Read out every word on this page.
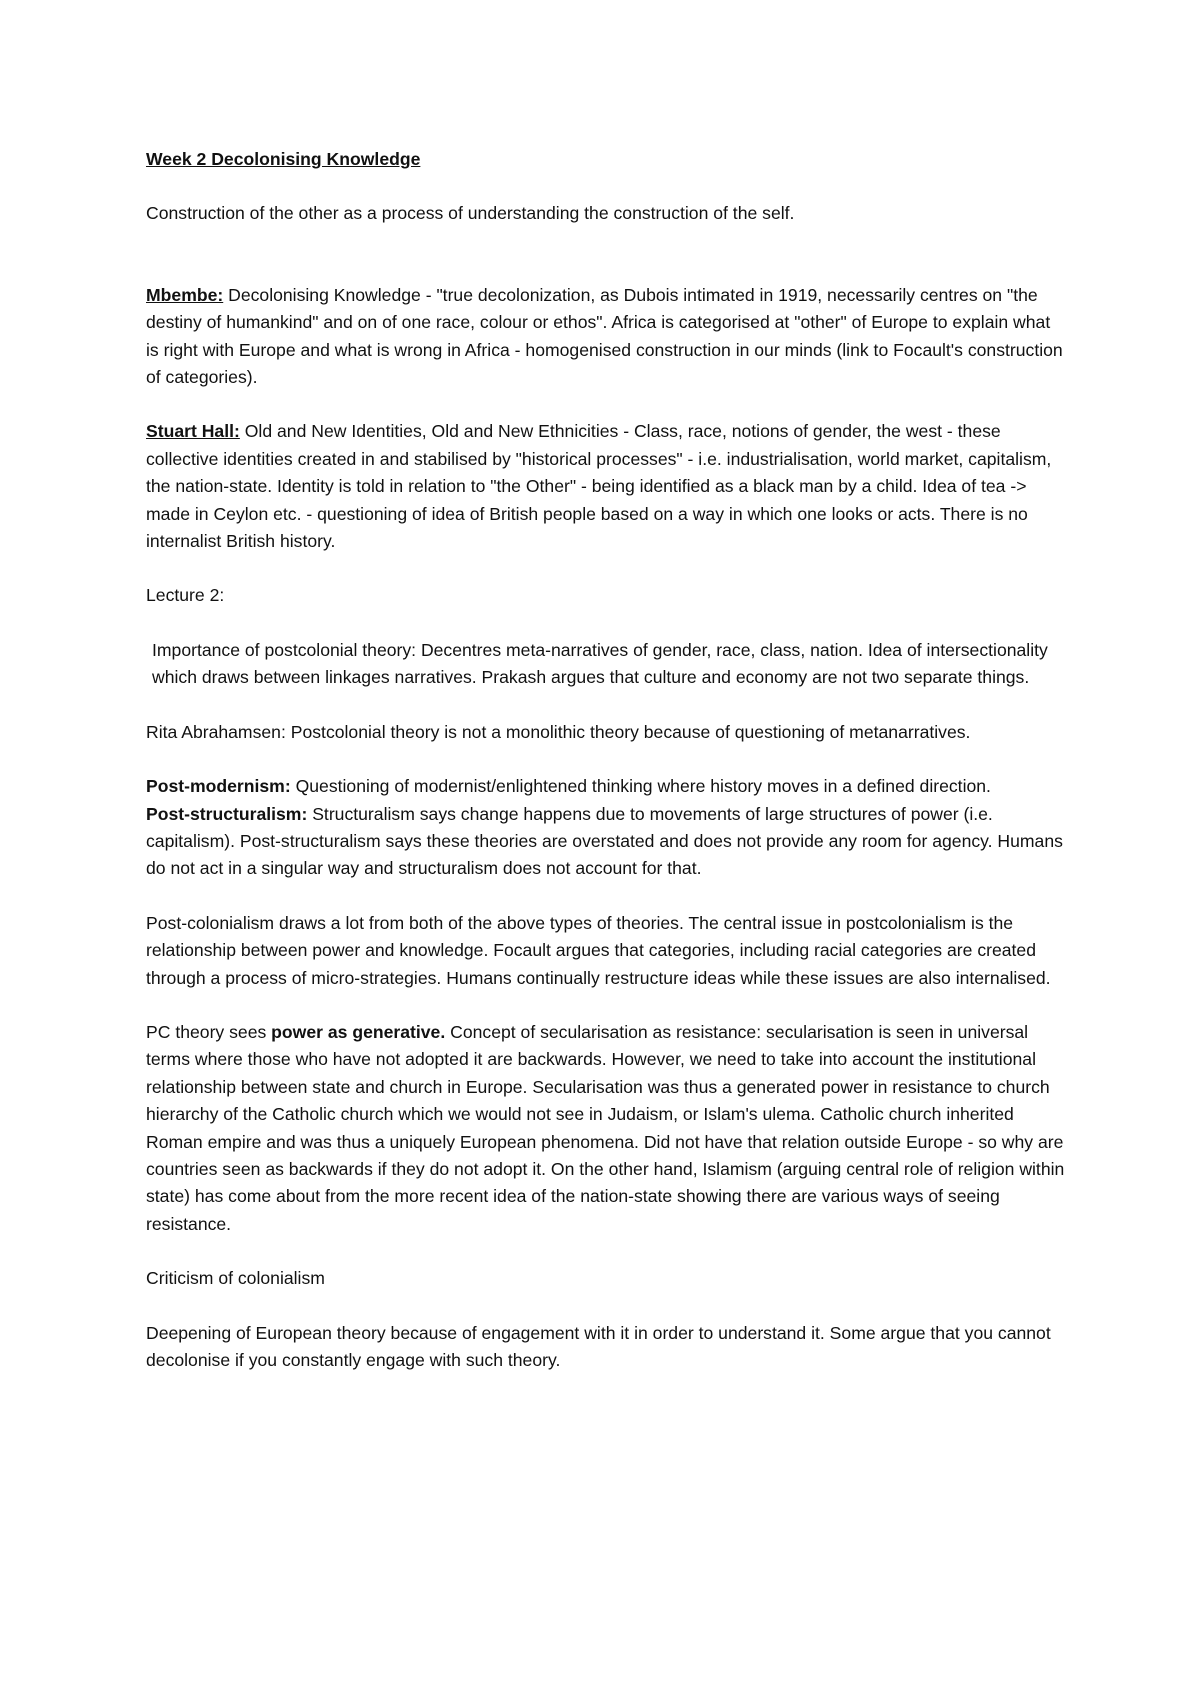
Week 2 Decolonising Knowledge

Construction of the other as a process of understanding the construction of the self.

Mbembe: Decolonising Knowledge - "true decolonization, as Dubois intimated in 1919, necessarily centres on "the destiny of humankind" and on of one race, colour or ethos". Africa is categorised at "other" of Europe to explain what is right with Europe and what is wrong in Africa - homogenised construction in our minds (link to Focault's construction of categories).

Stuart Hall: Old and New Identities, Old and New Ethnicities - Class, race, notions of gender, the west - these collective identities created in and stabilised by "historical processes" - i.e. industrialisation, world market, capitalism, the nation-state. Identity is told in relation to "the Other" - being identified as a black man by a child. Idea of tea -> made in Ceylon etc. - questioning of idea of British people based on a way in which one looks or acts. There is no internalist British history.

Lecture 2:

Importance of postcolonial theory: Decentres meta-narratives of gender, race, class, nation. Idea of intersectionality which draws between linkages narratives. Prakash argues that culture and economy are not two separate things.

Rita Abrahamsen: Postcolonial theory is not a monolithic theory because of questioning of metanarratives.

Post-modernism: Questioning of modernist/enlightened thinking where history moves in a defined direction.

Post-structuralism: Structuralism says change happens due to movements of large structures of power (i.e. capitalism). Post-structuralism says these theories are overstated and does not provide any room for agency. Humans do not act in a singular way and structuralism does not account for that.

Post-colonialism draws a lot from both of the above types of theories. The central issue in postcolonialism is the relationship between power and knowledge. Focault argues that categories, including racial categories are created through a process of micro-strategies. Humans continually restructure ideas while these issues are also internalised.

PC theory sees power as generative. Concept of secularisation as resistance: secularisation is seen in universal terms where those who have not adopted it are backwards. However, we need to take into account the institutional relationship between state and church in Europe. Secularisation was thus a generated power in resistance to church hierarchy of the Catholic church which we would not see in Judaism, or Islam's ulema. Catholic church inherited Roman empire and was thus a uniquely European phenomena. Did not have that relation outside Europe - so why are countries seen as backwards if they do not adopt it. On the other hand, Islamism (arguing central role of religion within state) has come about from the more recent idea of the nation-state showing there are various ways of seeing resistance.

Criticism of colonialism

Deepening of European theory because of engagement with it in order to understand it. Some argue that you cannot decolonise if you constantly engage with such theory.
